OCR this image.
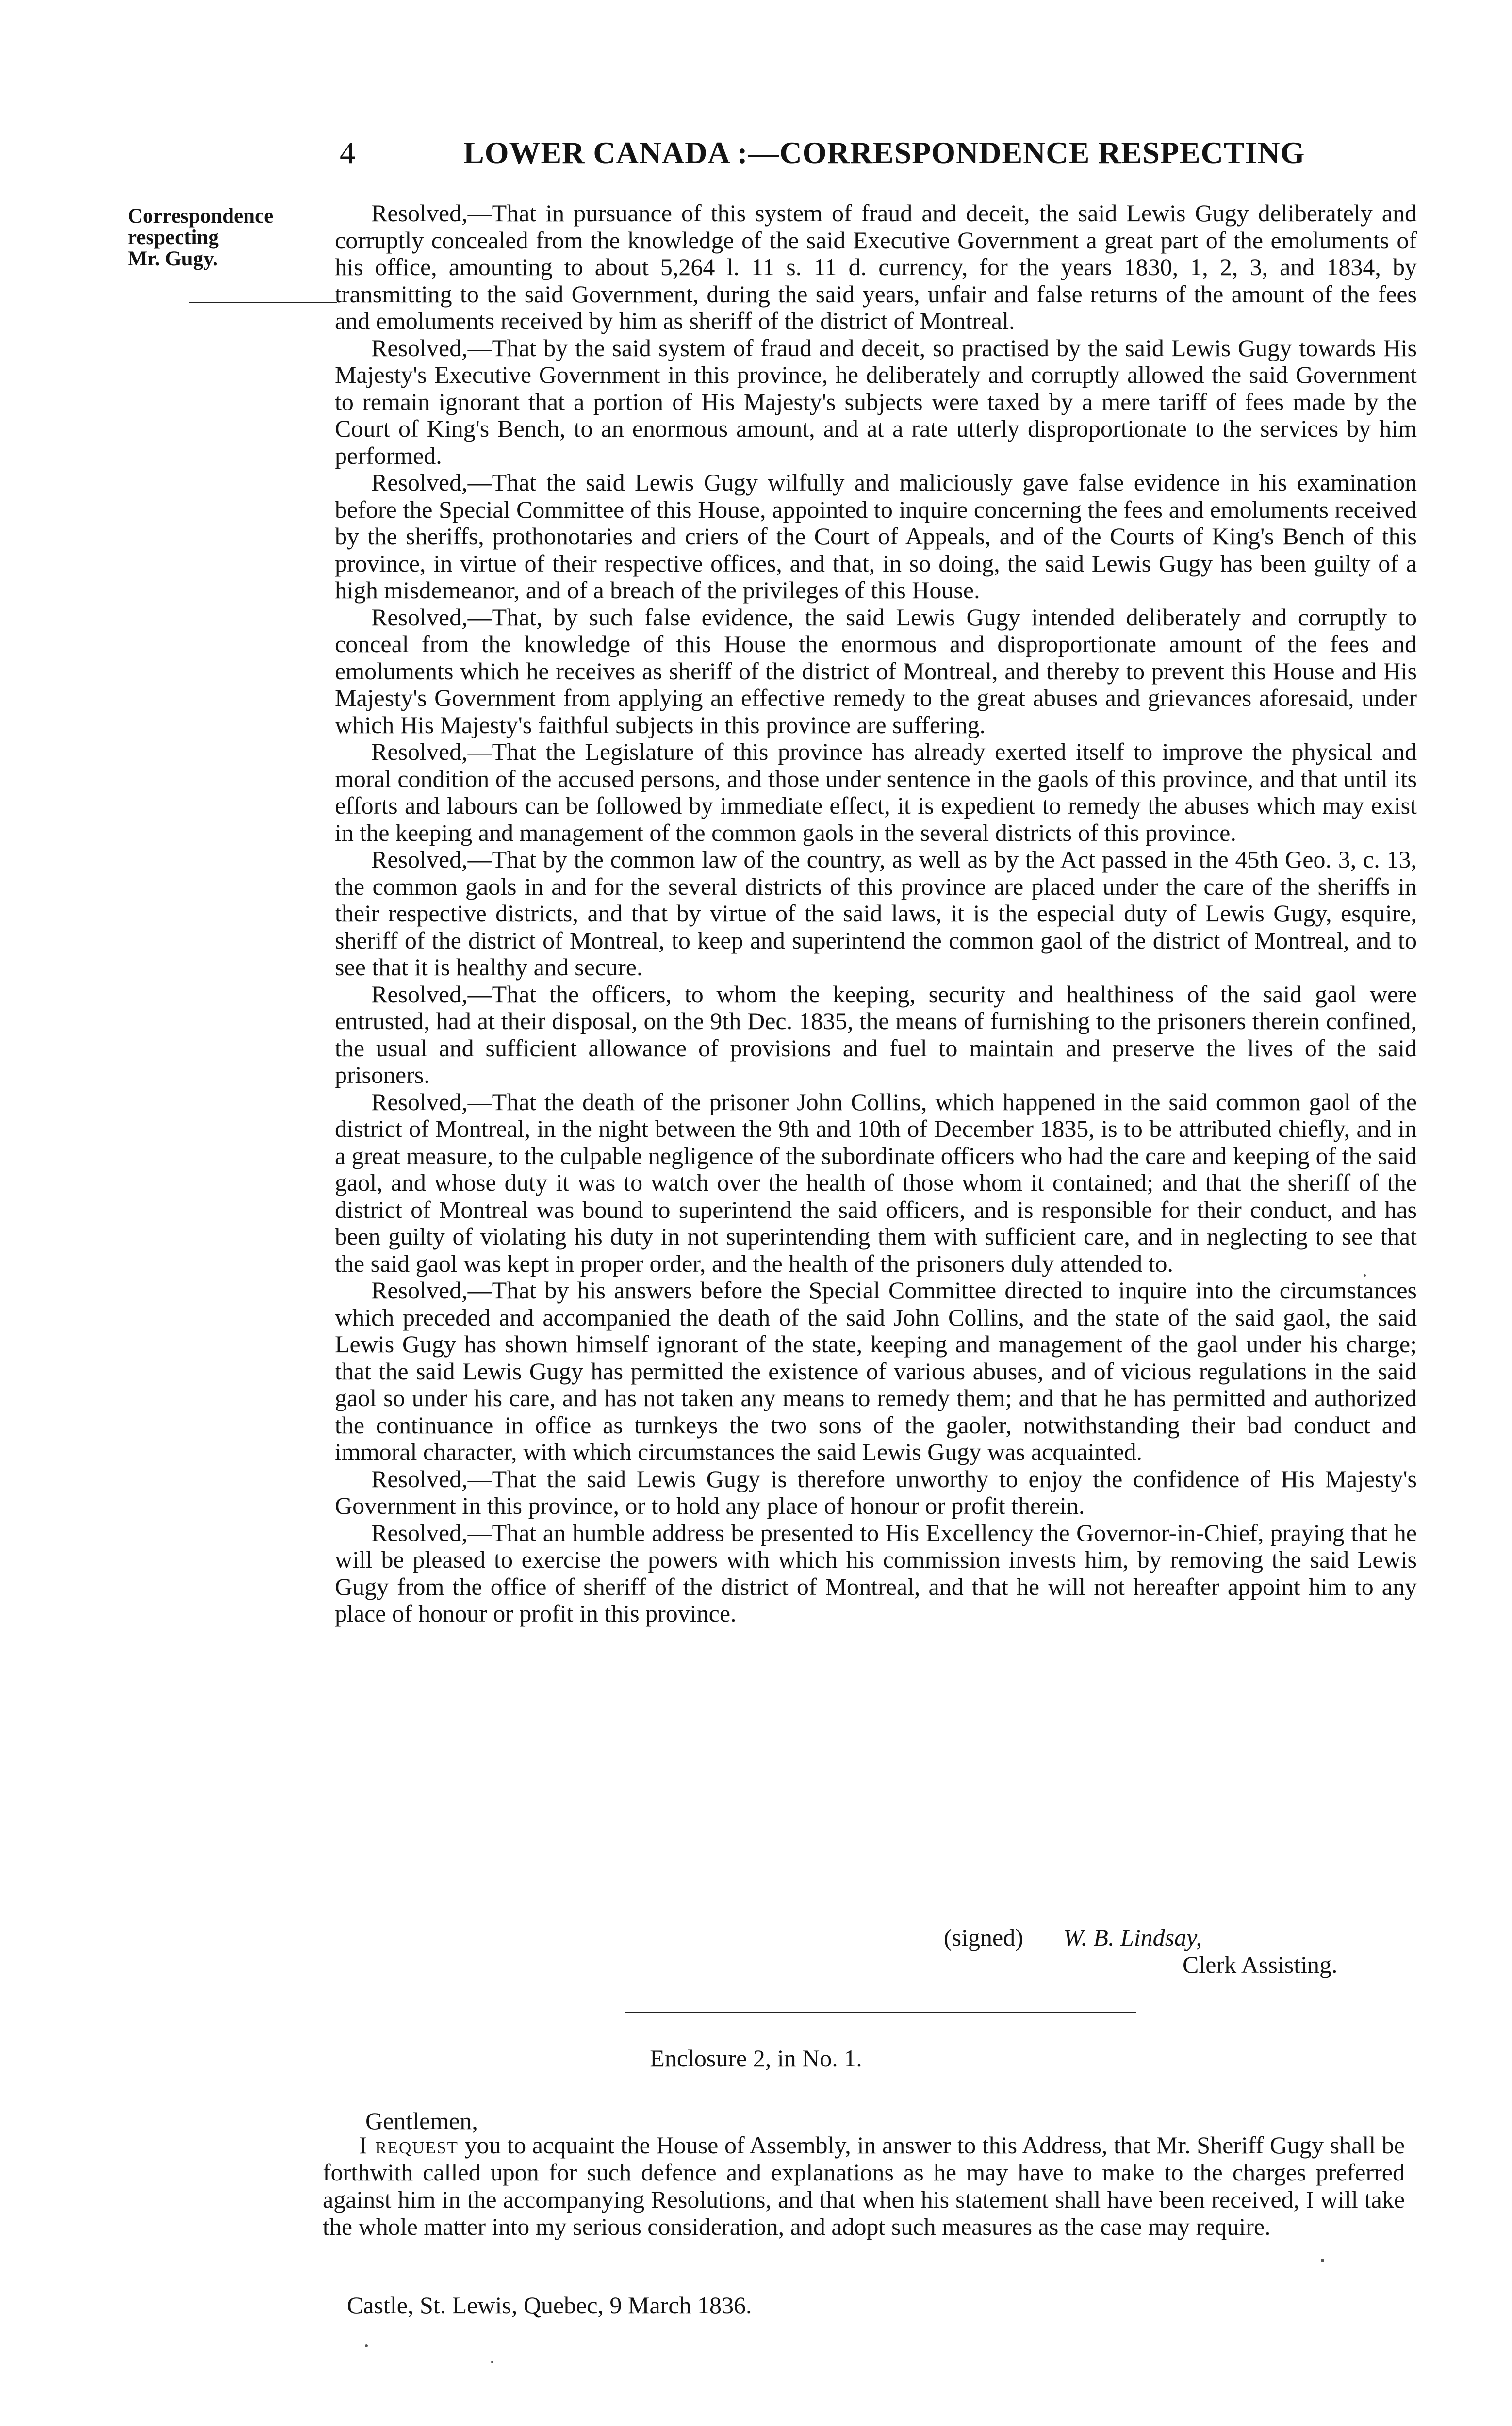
4	LOWER CANADA :—CORRESPONDENCE RESPECTING
Correspondence
respecting
Mr. Gugy.

Resolved,—That in pursuance of this system of fraud and deceit, the said Lewis Gugy deliberately and corruptly concealed from the knowledge of the said Executive Government a great part of the emoluments of his office, amounting to about 5,264 l. 11 s. 11 d. currency, for the years 1830, 1, 2, 3, and 1834, by transmitting to the said Government, during the said years, unfair and false returns of the amount of the fees and emoluments received by him as sheriff of the district of Montreal.

Resolved,—That by the said system of fraud and deceit, so practised by the said Lewis Gugy towards His Majesty's Executive Government in this province, he deliberately and corruptly allowed the said Government to remain ignorant that a portion of His Majesty's subjects were taxed by a mere tariff of fees made by the Court of King's Bench, to an enormous amount, and at a rate utterly disproportionate to the services by him performed.

Resolved,—That the said Lewis Gugy wilfully and maliciously gave false evidence in his examination before the Special Committee of this House, appointed to inquire concerning the fees and emoluments received by the sheriffs, prothonotaries and criers of the Court of Appeals, and of the Courts of King's Bench of this province, in virtue of their respective offices, and that, in so doing, the said Lewis Gugy has been guilty of a high misdemeanor, and of a breach of the privileges of this House.

Resolved,—That, by such false evidence, the said Lewis Gugy intended deliberately and corruptly to conceal from the knowledge of this House the enormous and disproportionate amount of the fees and emoluments which he receives as sheriff of the district of Montreal, and thereby to prevent this House and His Majesty's Government from applying an effective remedy to the great abuses and grievances aforesaid, under which His Majesty's faithful subjects in this province are suffering.

Resolved,—That the Legislature of this province has already exerted itself to improve the physical and moral condition of the accused persons, and those under sentence in the gaols of this province, and that until its efforts and labours can be followed by immediate effect, it is expedient to remedy the abuses which may exist in the keeping and management of the common gaols in the several districts of this province.

Resolved,—That by the common law of the country, as well as by the Act passed in the 45th Geo. 3, c. 13, the common gaols in and for the several districts of this province are placed under the care of the sheriffs in their respective districts, and that by virtue of the said laws, it is the especial duty of Lewis Gugy, esquire, sheriff of the district of Montreal, to keep and superintend the common gaol of the district of Montreal, and to see that it is healthy and secure.

Resolved,—That the officers, to whom the keeping, security and healthiness of the said gaol were entrusted, had at their disposal, on the 9th Dec. 1835, the means of furnishing to the prisoners therein confined, the usual and sufficient allowance of provisions and fuel to maintain and preserve the lives of the said prisoners.

Resolved,—That the death of the prisoner John Collins, which happened in the said common gaol of the district of Montreal, in the night between the 9th and 10th of December 1835, is to be attributed chiefly, and in a great measure, to the culpable negligence of the subordinate officers who had the care and keeping of the said gaol, and whose duty it was to watch over the health of those whom it contained; and that the sheriff of the district of Montreal was bound to superintend the said officers, and is responsible for their conduct, and has been guilty of violating his duty in not superintending them with sufficient care, and in neglecting to see that the said gaol was kept in proper order, and the health of the prisoners duly attended to.

Resolved,—That by his answers before the Special Committee directed to inquire into the circumstances which preceded and accompanied the death of the said John Collins, and the state of the said gaol, the said Lewis Gugy has shown himself ignorant of the state, keeping and management of the gaol under his charge; that the said Lewis Gugy has permitted the existence of various abuses, and of vicious regulations in the said gaol so under his care, and has not taken any means to remedy them; and that he has permitted and authorized the continuance in office as turnkeys the two sons of the gaoler, notwithstanding their bad conduct and immoral character, with which circumstances the said Lewis Gugy was acquainted.

Resolved,—That the said Lewis Gugy is therefore unworthy to enjoy the confidence of His Majesty's Government in this province, or to hold any place of honour or profit therein.

Resolved,—That an humble address be presented to His Excellency the Governor-in-Chief, praying that he will be pleased to exercise the powers with which his commission invests him, by removing the said Lewis Gugy from the office of sheriff of the district of Montreal, and that he will not hereafter appoint him to any place of honour or profit in this province.

(signed) W. B. Lindsay,
Clerk Assisting.
Enclosure 2, in No. 1.
Gentlemen,

I request you to acquaint the House of Assembly, in answer to this Address, that Mr. Sheriff Gugy shall be forthwith called upon for such defence and explanations as he may have to make to the charges preferred against him in the accompanying Resolutions, and that when his statement shall have been received, I will take the whole matter into my serious consideration, and adopt such measures as the case may require.

Castle, St. Lewis, Quebec, 9 March 1836.
